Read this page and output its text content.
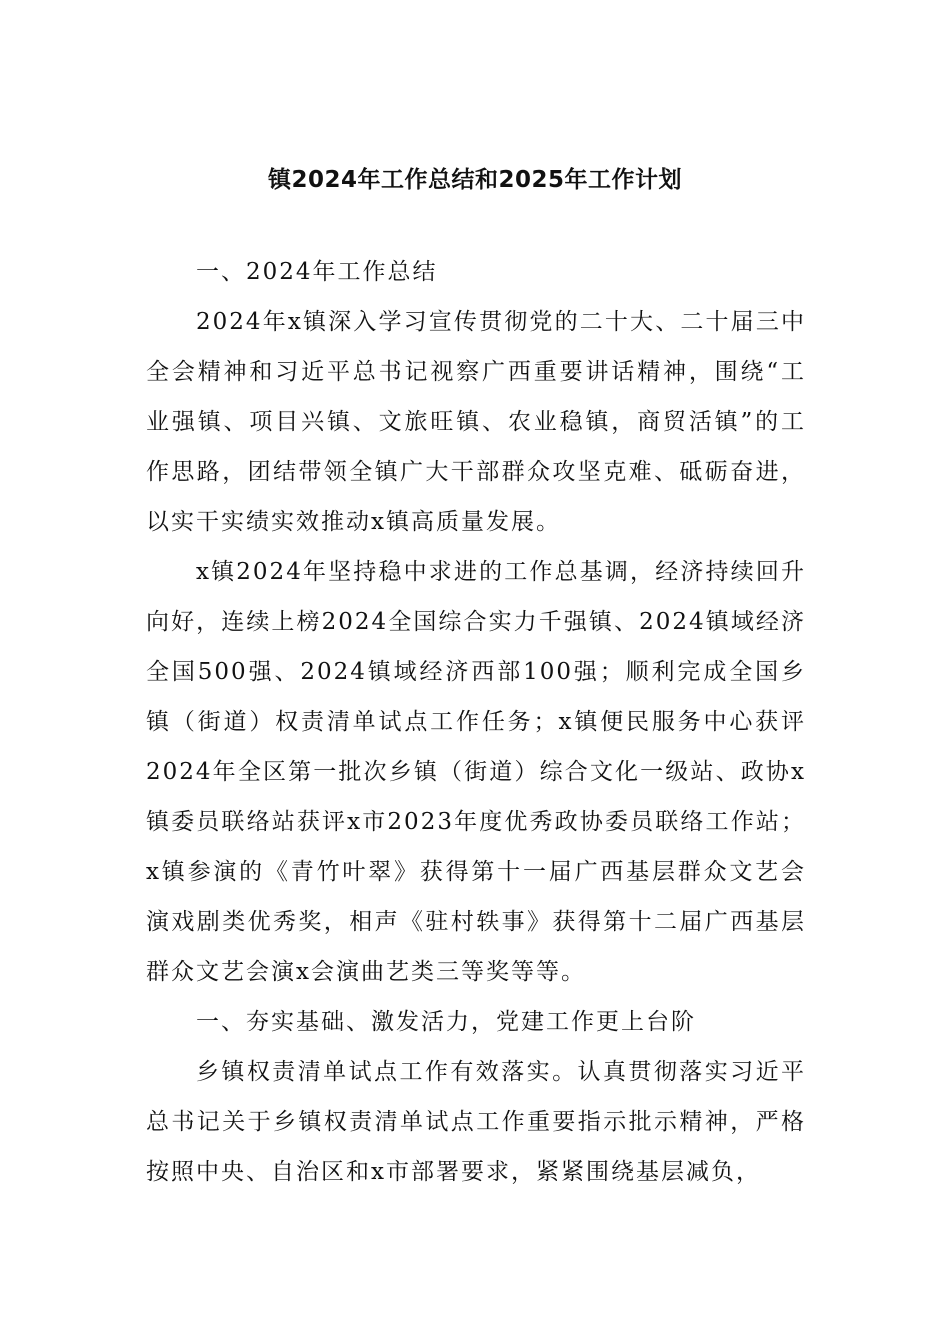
镇2024年工作总结和2025年工作计划

一、2024年工作总结

2024年x镇深入学习宣传贯彻党的二十大、二十届三中全会精神和习近平总书记视察广西重要讲话精神，围绕“工业强镇、项目兴镇、文旅旺镇、农业稳镇，商贸活镇”的工作思路，团结带领全镇广大干部群众攻坚克难、砥砺奋进，以实干实绩实效推动x镇高质量发展。

x镇2024年坚持稳中求进的工作总基调，经济持续回升向好，连续上榜2024全国综合实力千强镇、2024镇域经济全国500强、2024镇域经济西部100强；顺利完成全国乡镇（街道）权责清单试点工作任务；x镇便民服务中心获评2024年全区第一批次乡镇（街道）综合文化一级站、政协x镇委员联络站获评x市2023年度优秀政协委员联络工作站；x镇参演的《青竹叶翠》获得第十一届广西基层群众文艺会演戏剧类优秀奖，相声《驻村轶事》获得第十二届广西基层群众文艺会演x会演曲艺类三等奖等等。

一、夯实基础、激发活力，党建工作更上台阶

乡镇权责清单试点工作有效落实。认真贯彻落实习近平总书记关于乡镇权责清单试点工作重要指示批示精神，严格按照中央、自治区和x市部署要求，紧紧围绕基层减负，
